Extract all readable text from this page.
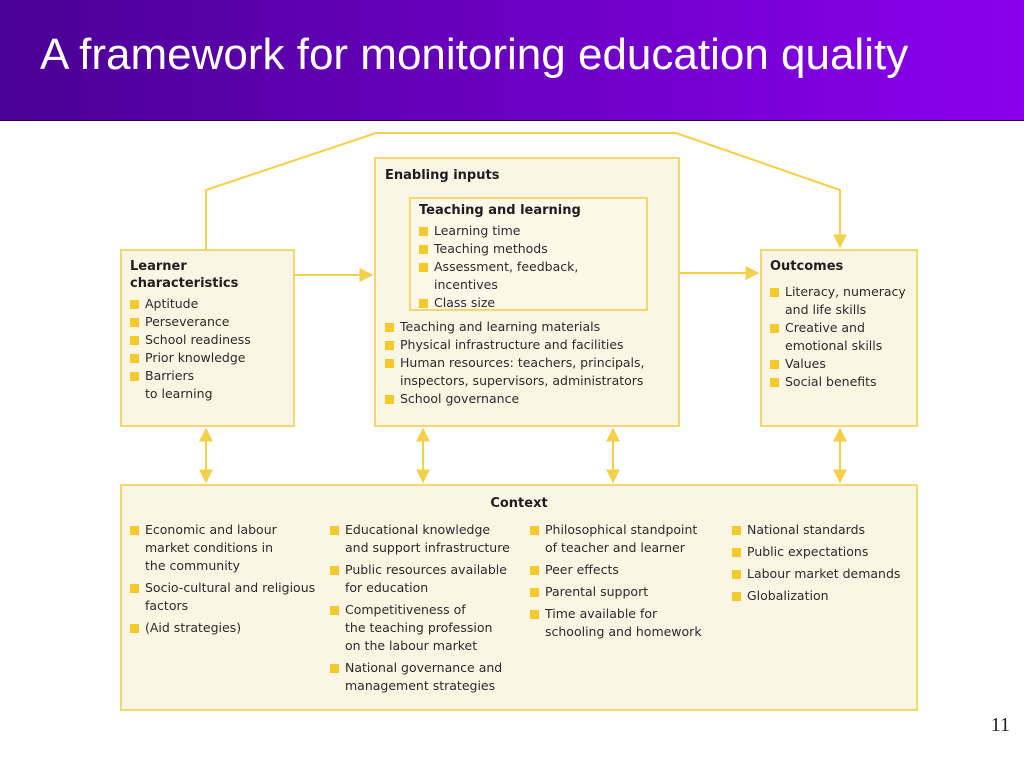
A framework for monitoring education quality
Learner characteristics
Aptitude
Perseverance
School readiness
Prior knowledge
Barriers
to learning
Enabling inputs
Teaching and learning
Learning time
Teaching methods
Assessment, feedback, incentives
Class size
Teaching and learning materials
Physical infrastructure and facilities
Human resources: teachers, principals,
inspectors, supervisors, administrators
School governance
Outcomes
Literacy, numeracy
and life skills
Creative and
emotional skills
Values
Social benefits
Context
Economic and labour
market conditions in
the community
Socio-cultural and religious
factors
(Aid strategies)
Educational knowledge
and support infrastructure
Public resources available
for education
Competitiveness of
the teaching profession
on the labour market
National governance and
management strategies
Philosophical standpoint
of teacher and learner
Peer effects
Parental support
Time available for
schooling and homework
National standards
Public expectations
Labour market demands
Globalization
11
